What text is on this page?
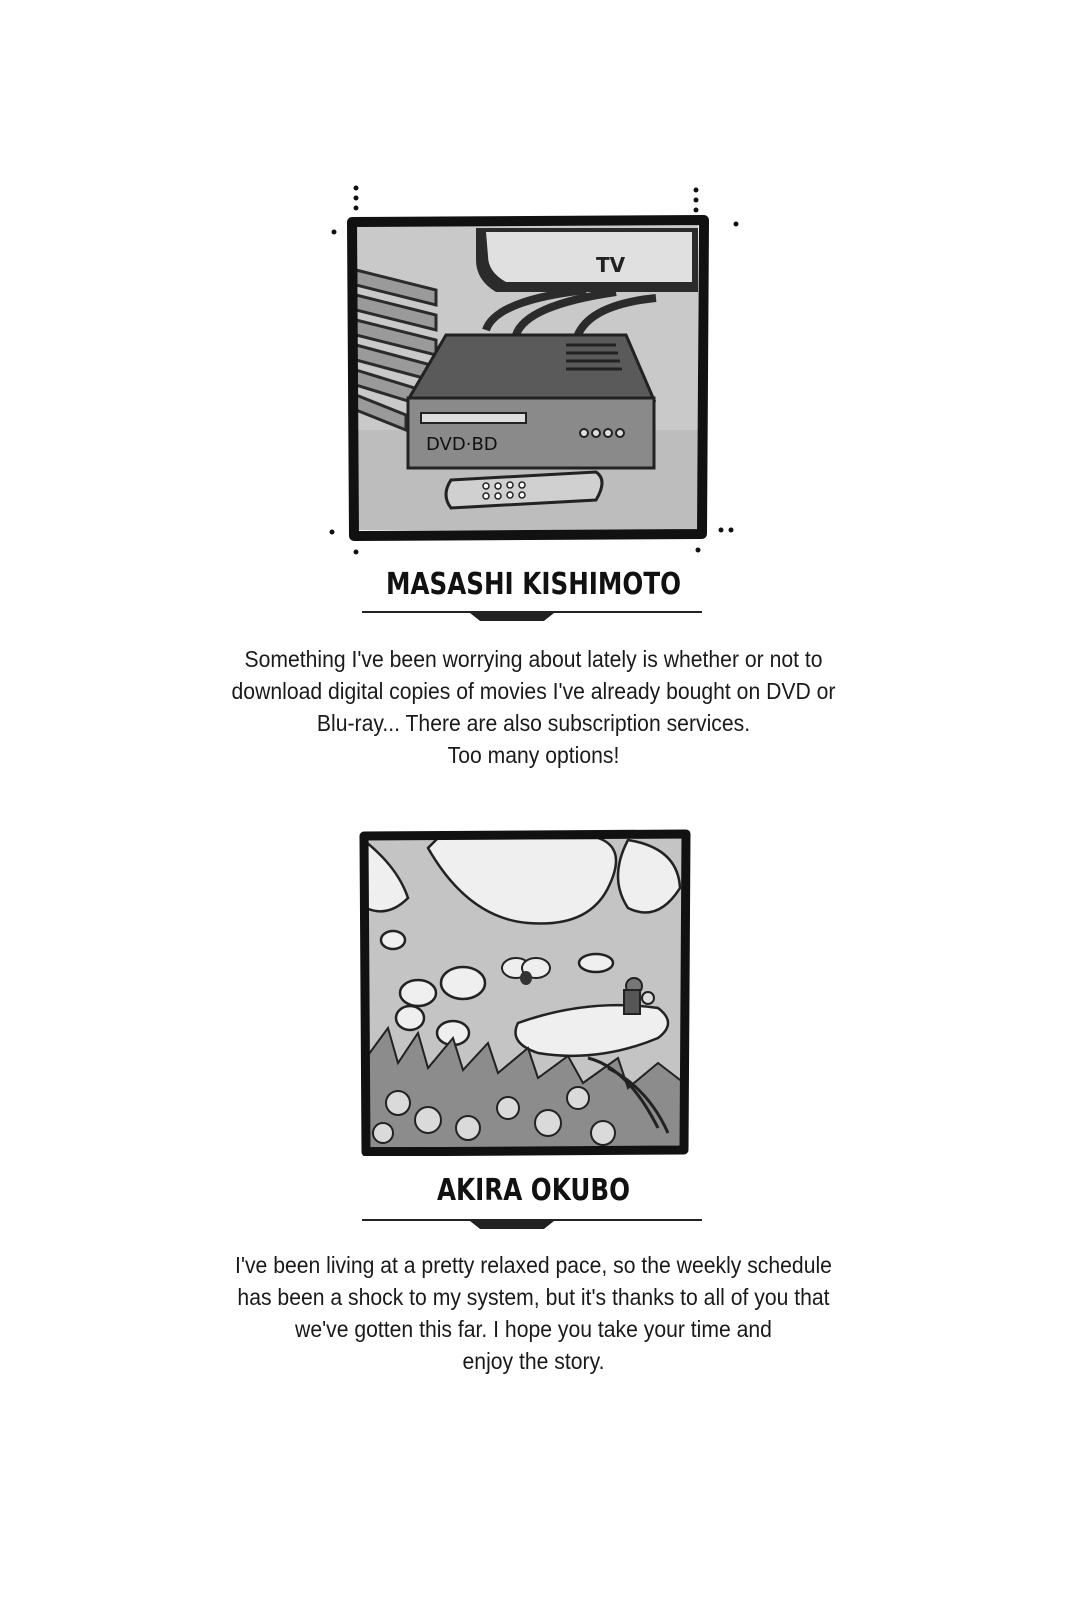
TV
DVD·BD
MASASHI KISHIMOTO

Something I've been worrying about lately is whether or not to

download digital copies of movies I've already bought on DVD or

Blu-ray... There are also subscription services.

Too many options!

AKIRA OKUBO

I've been living at a pretty relaxed pace, so the weekly schedule

has been a shock to my system, but it's thanks to all of you that

we've gotten this far. I hope you take your time and

enjoy the story.
